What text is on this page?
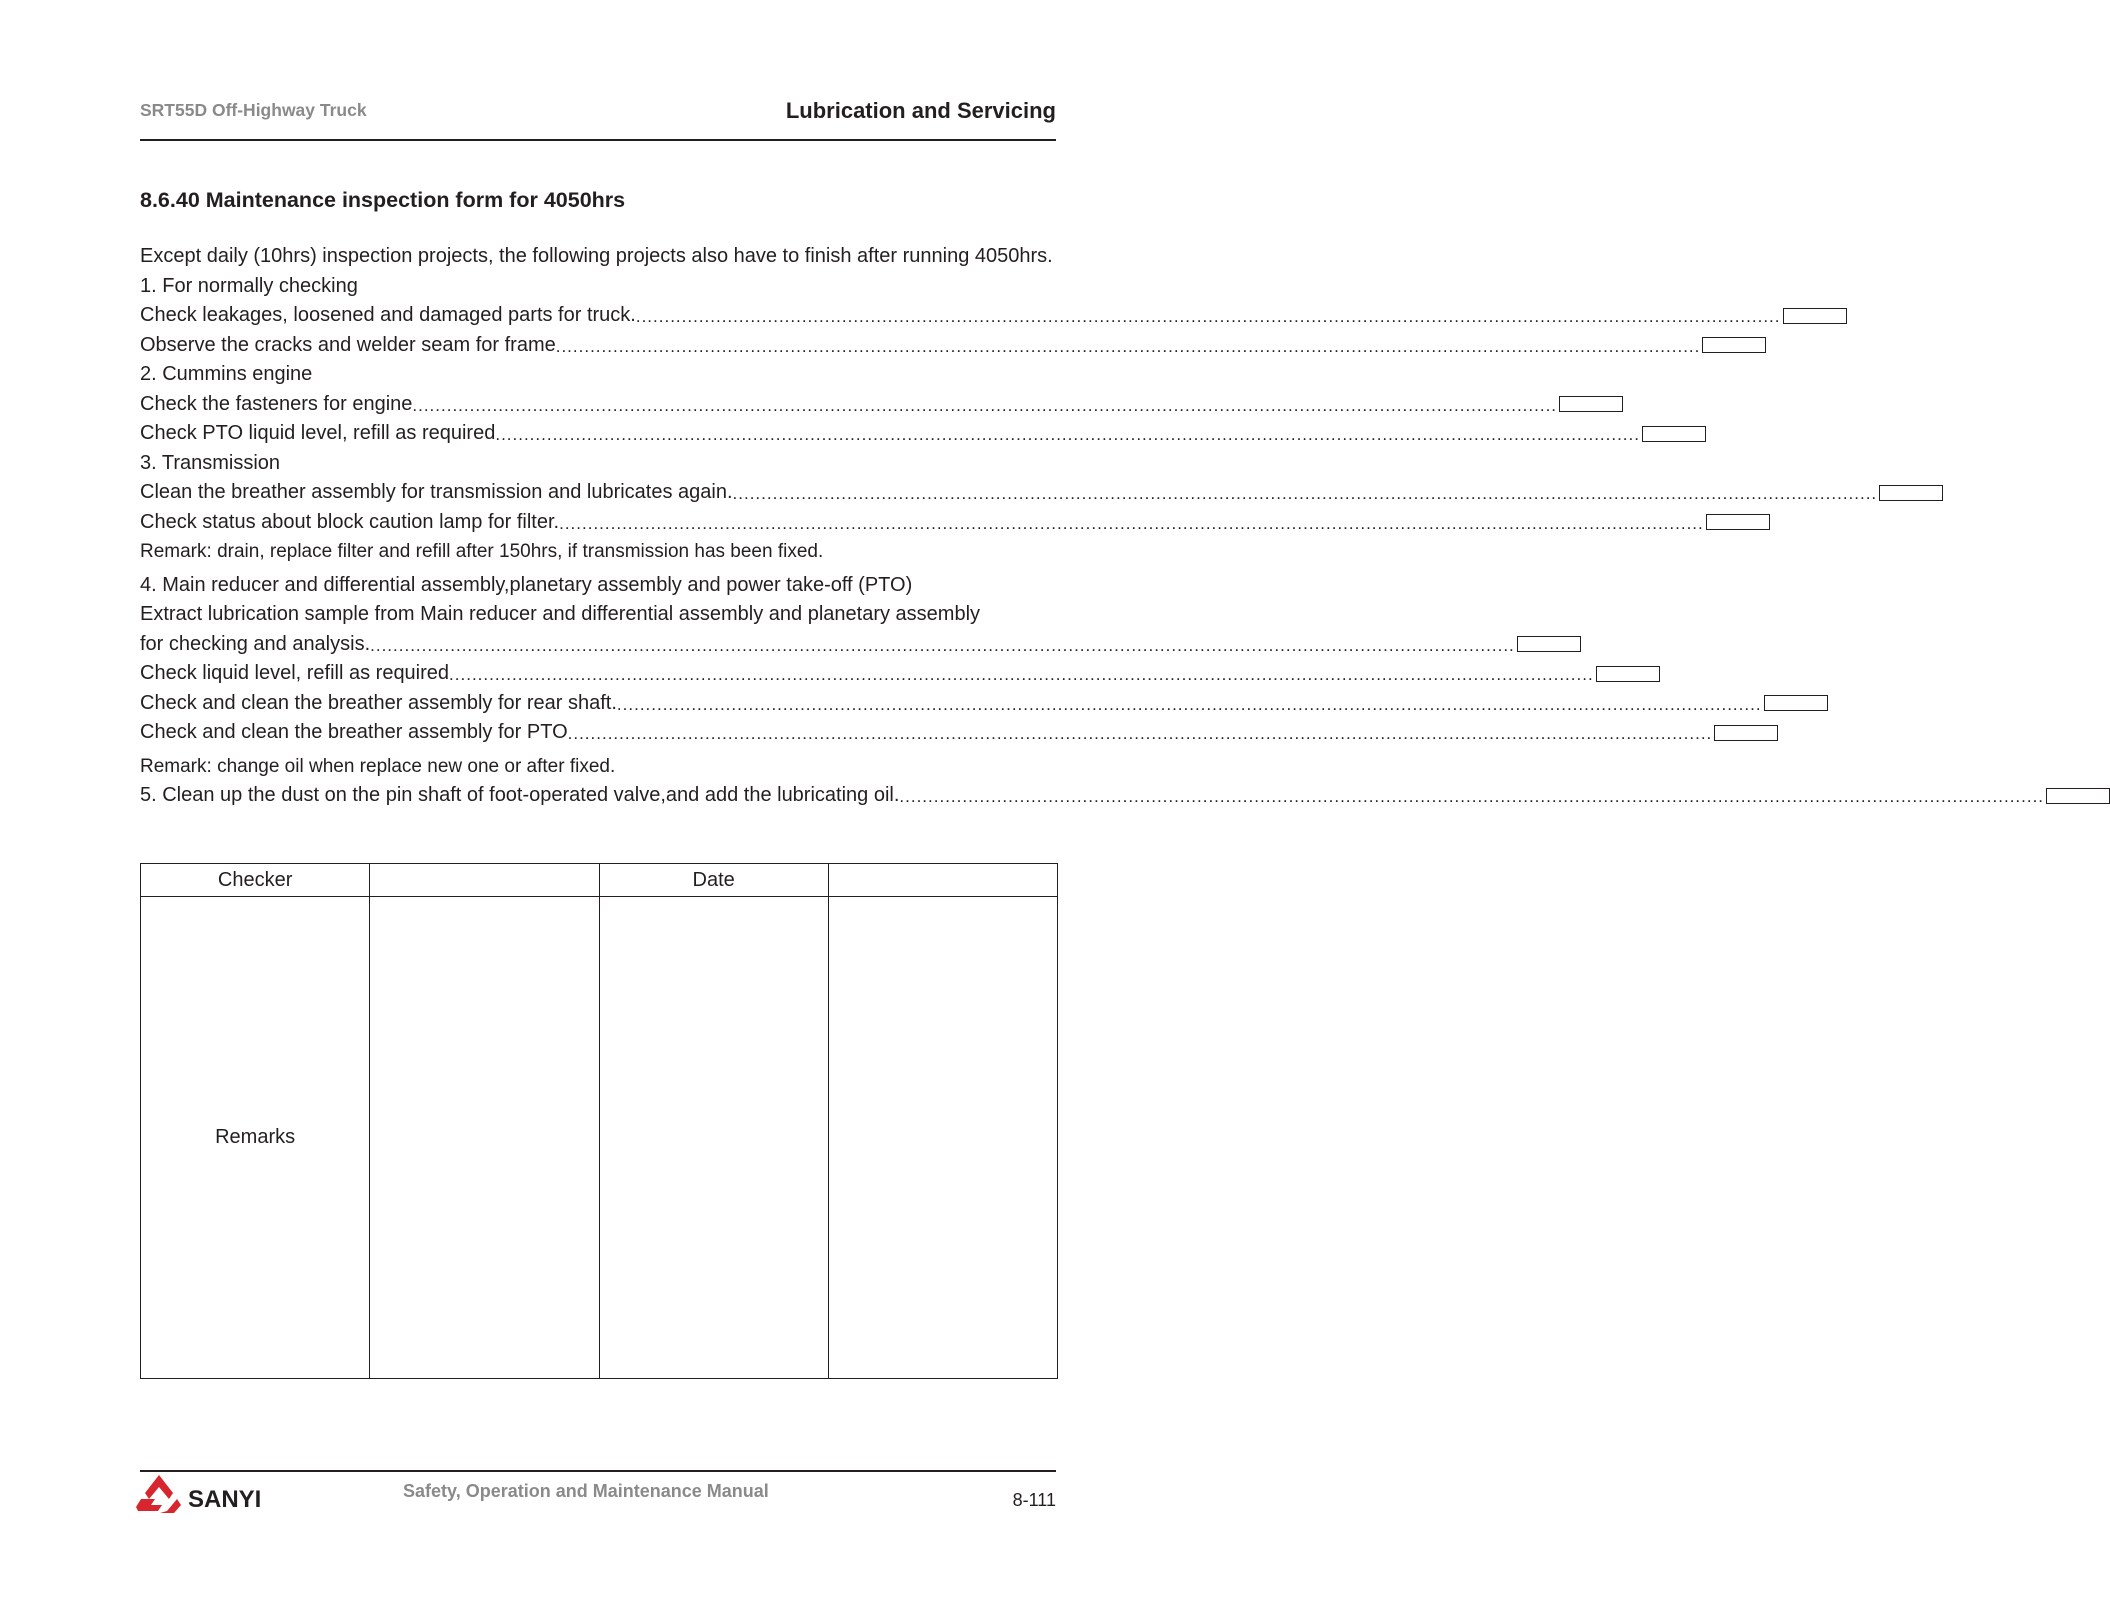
SRT55D Off-Highway Truck	Lubrication and Servicing
8.6.40 Maintenance inspection form for 4050hrs
Except daily (10hrs) inspection projects, the following projects also have to finish after running 4050hrs.
1. For normally checking
Check leakages, loosened and damaged parts for truck. ........................................................................................................................................................................................................
Observe the cracks and welder seam for frame ........................................................................................................................................................................................................
2. Cummins engine
Check the fasteners for engine ........................................................................................................................................................................................................
Check PTO liquid level, refill as required ........................................................................................................................................................................................................
3. Transmission
Clean the breather assembly for transmission and lubricates again. ........................................................................................................................................................................................................
Check status about block caution lamp for filter. ........................................................................................................................................................................................................
Remark: drain, replace filter and refill after 150hrs, if transmission has been fixed.
4. Main reducer and differential assembly,planetary assembly and power take-off (PTO)
Extract lubrication sample from Main reducer and differential assembly and planetary assembly
for checking and analysis. ........................................................................................................................................................................................................
Check liquid level, refill as required ........................................................................................................................................................................................................
Check and clean the breather assembly for rear shaft. ........................................................................................................................................................................................................
Check and clean the breather assembly for PTO ........................................................................................................................................................................................................
Remark: change oil when replace new one or after fixed.
5. Clean up the dust on the pin shaft of foot-operated valve,and add the lubricating oil. ........................................................................................................................................................................................................
Checker		Date	
Remarks			
SANYI	Safety, Operation and Maintenance Manual	8-111
